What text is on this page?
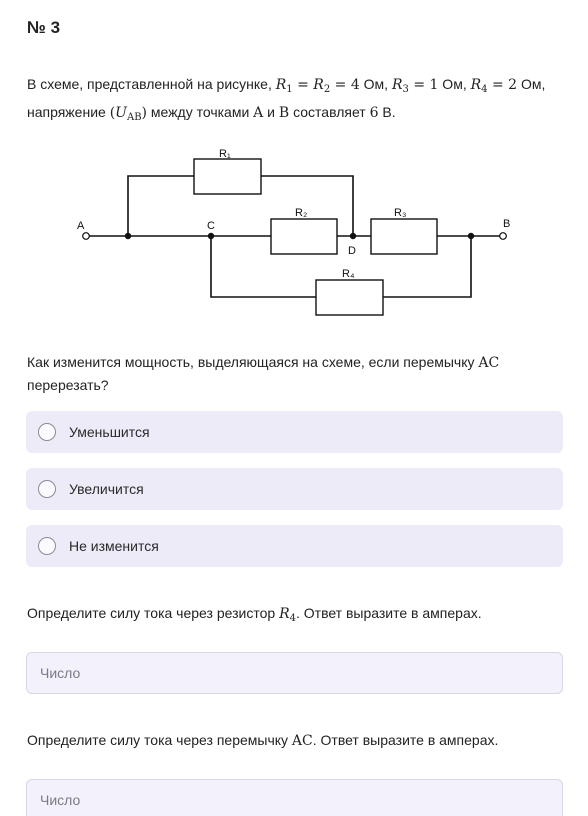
№ 3
В схеме, представленной на рисунке, $R_1 = R_2 = 4$ Ом, $R_3 = 1$ Ом, $R_4 = 2$ Ом,
напряжение $(U_{AB})$ между точками A и B составляет 6 В.
R₁
R₂	R₃
R₄
A	B
C
D
Как изменится мощность, выделяющаяся на схеме, если перемычку AC
перерезать?
Уменьшится
Увеличится
Не изменится
Определите силу тока через резистор $R_4$. Ответ выразите в амперах.
Число
Определите силу тока через перемычку AC. Ответ выразите в амперах.
Число
